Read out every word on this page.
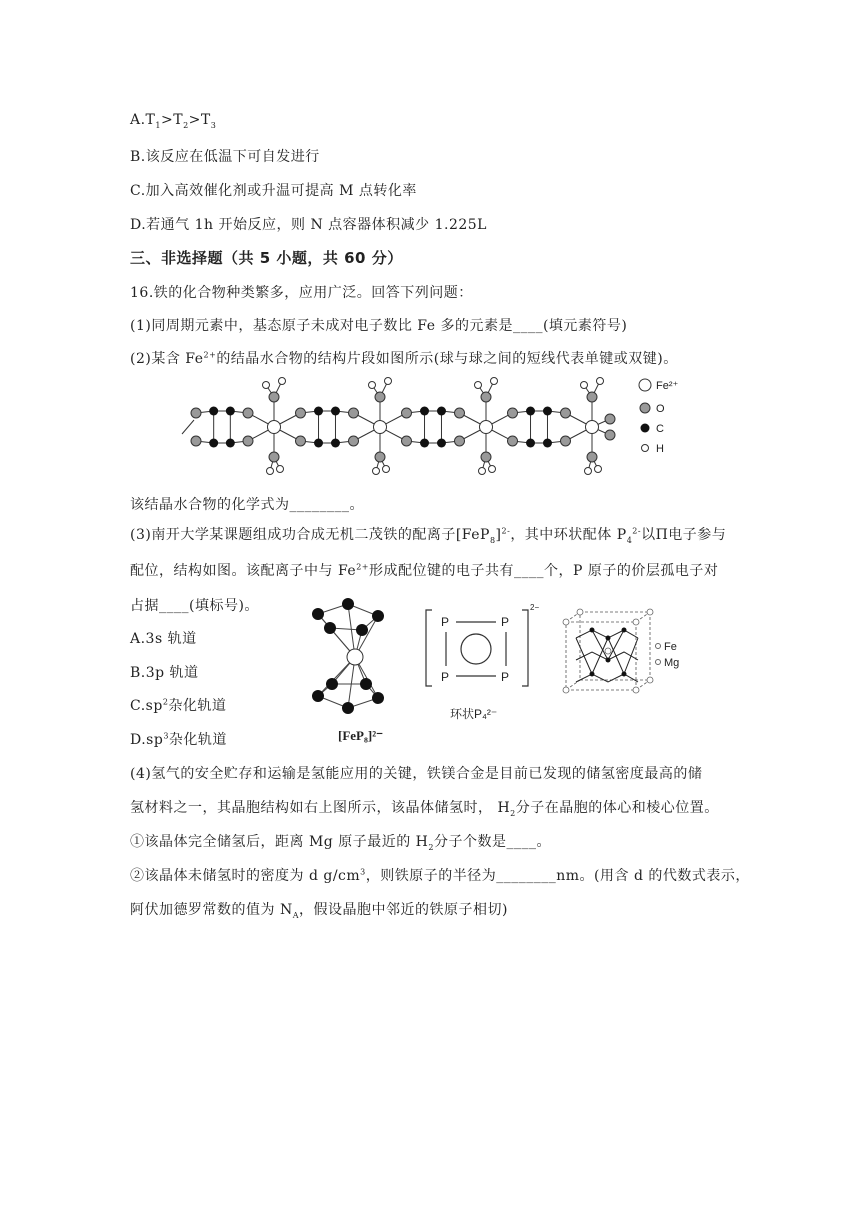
$A.T_1>T_2>T_3$
B.该反应在低温下可自发进行
C.加入高效催化剂或升温可提高 M 点转化率
D.若通气 1h 开始反应，则 N 点容器体积减少 1.225L
三、非选择题（共 5 小题，共 60 分）
16.铁的化合物种类繁多，应用广泛。回答下列问题：
(1)同周期元素中，基态原子未成对电子数比 Fe 多的元素是____(填元素符号)
(2)某含 $Fe^{2+}$的结晶水合物的结构片段如图所示(球与球之间的短线代表单键或双键)。
Fe²⁺
O
C
H
该结晶水合物的化学式为________。
(3)南开大学某课题组成功合成无机二茂铁的配离子$[FeP_8]^{2-}$，其中环状配体 $P_4^{2-}$以Π电子参与
配位，结构如图。该配离子中与 $Fe^{2+}$形成配位键的电子共有____个，P 原子的价层孤电子对
占据____(填标号)。
A.3s 轨道
B.3p 轨道
$C.sp^2$杂化轨道
$D.sp^3$杂化轨道	[FeP₈]²⁻
P	P
P	P
2−
环状P₄²⁻
Fe
Mg
(4)氢气的安全贮存和运输是氢能应用的关键，铁镁合金是目前已发现的储氢密度最高的储
氢材料之一，其晶胞结构如右上图所示，该晶体储氢时， $H_2$分子在晶胞的体心和棱心位置。
①该晶体完全储氢后，距离 Mg 原子最近的 $H_2$分子个数是____。
②该晶体未储氢时的密度为 d $g/cm^3$，则铁原子的半径为________nm。(用含 d 的代数式表示，
阿伏加德罗常数的值为 $N_A$，假设晶胞中邻近的铁原子相切)
